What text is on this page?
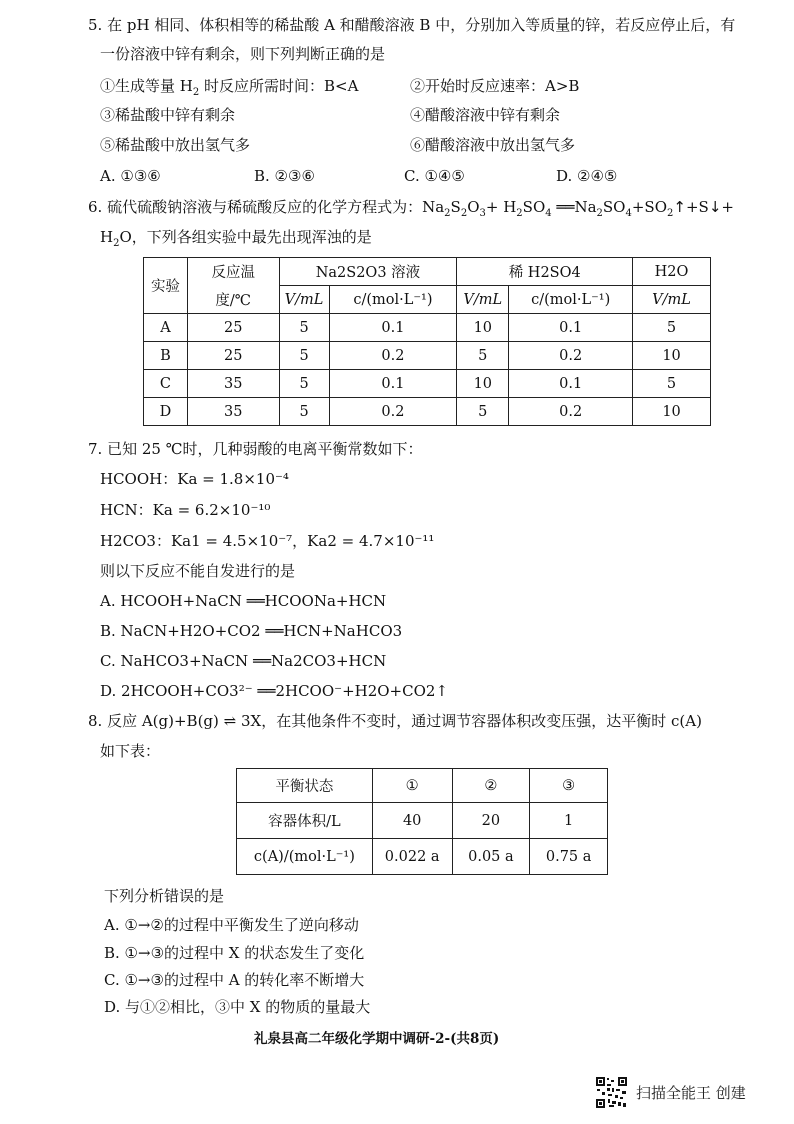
5. 在 pH 相同、体积相等的稀盐酸 A 和醋酸溶液 B 中，分别加入等质量的锌，若反应停止后，有
一份溶液中锌有剩余，则下列判断正确的是
①生成等量 $H_2$ 时反应所需时间：B<A	②开始时反应速率：A>B
③稀盐酸中锌有剩余	④醋酸溶液中锌有剩余
⑤稀盐酸中放出氢气多	⑥醋酸溶液中放出氢气多
A. ①③⑥	B. ②③⑥	C. ①④⑤	D. ②④⑤
6. 硫代硫酸钠溶液与稀硫酸反应的化学方程式为：$Na_2S_2O_3+ H_2SO_4$ $══Na_2SO_4+SO_2↑+S↓+$
$H_2O$，下列各组实验中最先出现浑浊的是
实验	反应温	Na2S2O3 溶液		稀 H2SO4		H2O
	度/℃	V/mL	c/(mol·L⁻¹)	V/mL	c/(mol·L⁻¹)	V/mL
A	25	5	0.1	10	0.1	5
B	25	5	0.2	5	0.2	10
C	35	5	0.1	10	0.1	5
D	35	5	0.2	5	0.2	10
7. 已知 25 ℃时，几种弱酸的电离平衡常数如下：
HCOOH：Ka = 1.8×10⁻⁴
HCN：Ka = 6.2×10⁻¹⁰
H2CO3：Ka1 = 4.5×10⁻⁷，Ka2 = 4.7×10⁻¹¹
则以下反应不能自发进行的是
A. HCOOH+NaCN ══HCOONa+HCN
B. NaCN+H2O+CO2 ══HCN+NaHCO3
C. NaHCO3+NaCN ══Na2CO3+HCN
D. 2HCOOH+CO3²⁻ ══2HCOO⁻+H2O+CO2↑
8. 反应 A(g)+B(g) ⇌ 3X，在其他条件不变时，通过调节容器体积改变压强，达平衡时 c(A)
如下表：
平衡状态	①	②	③
容器体积/L	40	20	1
c(A)/(mol·L⁻¹)	0.022 a	0.05 a	0.75 a
下列分析错误的是
A. ①→②的过程中平衡发生了逆向移动
B. ①→③的过程中 X 的状态发生了变化
C. ①→③的过程中 A 的转化率不断增大
D. 与①②相比，③中 X 的物质的量最大
礼泉县高二年级化学期中调研-2-(共8页)
扫描全能王 创建
